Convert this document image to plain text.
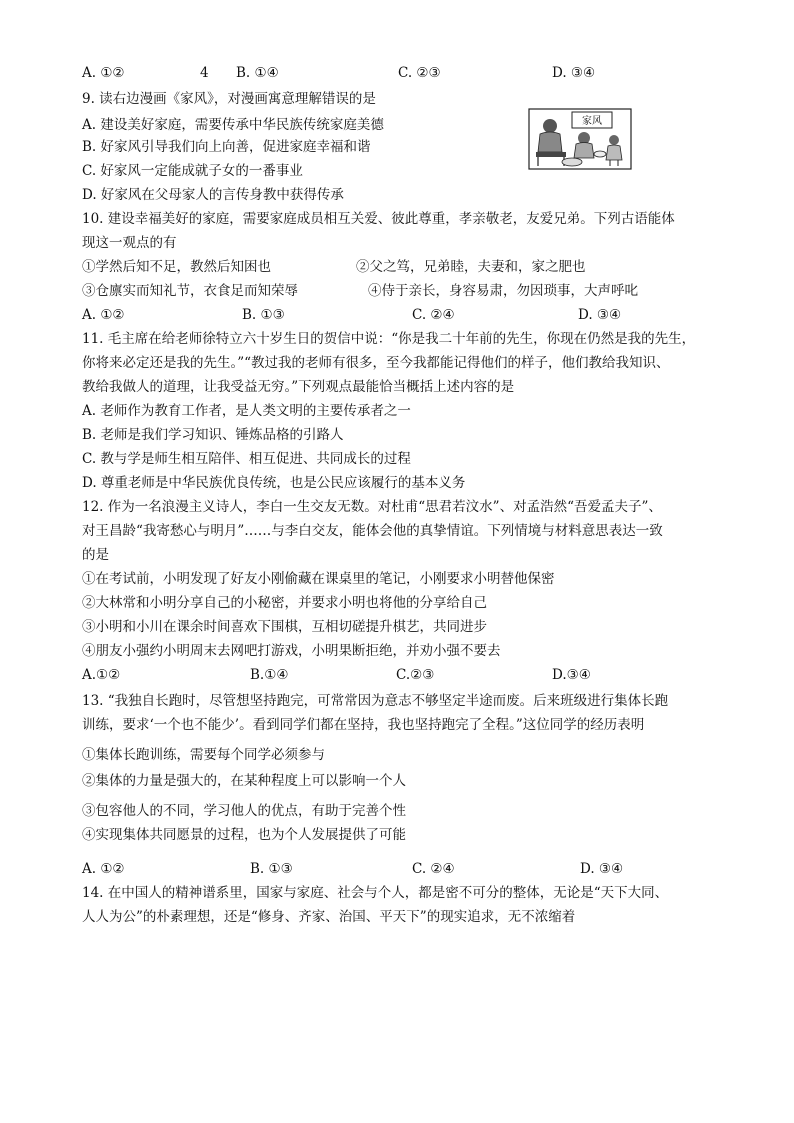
A. ①②	4 B. ①④	C. ②③	D. ③④
9. 读右边漫画《家风》，对漫画寓意理解错误的是
A. 建设美好家庭，需要传承中华民族传统家庭美德
B. 好家风引导我们向上向善，促进家庭幸福和谐
C. 好家风一定能成就子女的一番事业
D. 好家风在父母家人的言传身教中获得传承
家风
10. 建设幸福美好的家庭，需要家庭成员相互关爱、彼此尊重，孝亲敬老，友爱兄弟。下列古语能体
现这一观点的有
①学然后知不足，教然后知困也	②父之笃，兄弟睦，夫妻和，家之肥也
③仓廪实而知礼节，衣食足而知荣辱	④侍于亲长，身容易肃，勿因琐事，大声呼叱
A. ①②	B. ①③	C. ②④	D. ③④
11. 毛主席在给老师徐特立六十岁生日的贺信中说：“你是我二十年前的先生，你现在仍然是我的先生，
你将来必定还是我的先生。”“教过我的老师有很多，至今我都能记得他们的样子，他们教给我知识、
教给我做人的道理，让我受益无穷。”下列观点最能恰当概括上述内容的是
A. 老师作为教育工作者，是人类文明的主要传承者之一
B. 老师是我们学习知识、锤炼品格的引路人
C. 教与学是师生相互陪伴、相互促进、共同成长的过程
D. 尊重老师是中华民族优良传统，也是公民应该履行的基本义务
12. 作为一名浪漫主义诗人，李白一生交友无数。对杜甫“思君若汶水”、对孟浩然“吾爱孟夫子”、
对王昌龄“我寄愁心与明月”……与李白交友，能体会他的真挚情谊。下列情境与材料意思表达一致
的是
①在考试前，小明发现了好友小刚偷藏在课桌里的笔记，小刚要求小明替他保密
②大林常和小明分享自己的小秘密，并要求小明也将他的分享给自己
③小明和小川在课余时间喜欢下围棋，互相切磋提升棋艺，共同进步
④朋友小强约小明周末去网吧打游戏，小明果断拒绝，并劝小强不要去
A.①②	B.①④	C.②③	D.③④
13. “我独自长跑时，尽管想坚持跑完，可常常因为意志不够坚定半途而废。后来班级进行集体长跑
训练，要求‘一个也不能少’。看到同学们都在坚持，我也坚持跑完了全程。”这位同学的经历表明
①集体长跑训练，需要每个同学必须参与
②集体的力量是强大的，在某种程度上可以影响一个人
③包容他人的不同，学习他人的优点，有助于完善个性
④实现集体共同愿景的过程，也为个人发展提供了可能
A. ①②	B. ①③	C. ②④	D. ③④
14. 在中国人的精神谱系里，国家与家庭、社会与个人，都是密不可分的整体，无论是“天下大同、
人人为公”的朴素理想，还是“修身、齐家、治国、平天下”的现实追求，无不浓缩着
